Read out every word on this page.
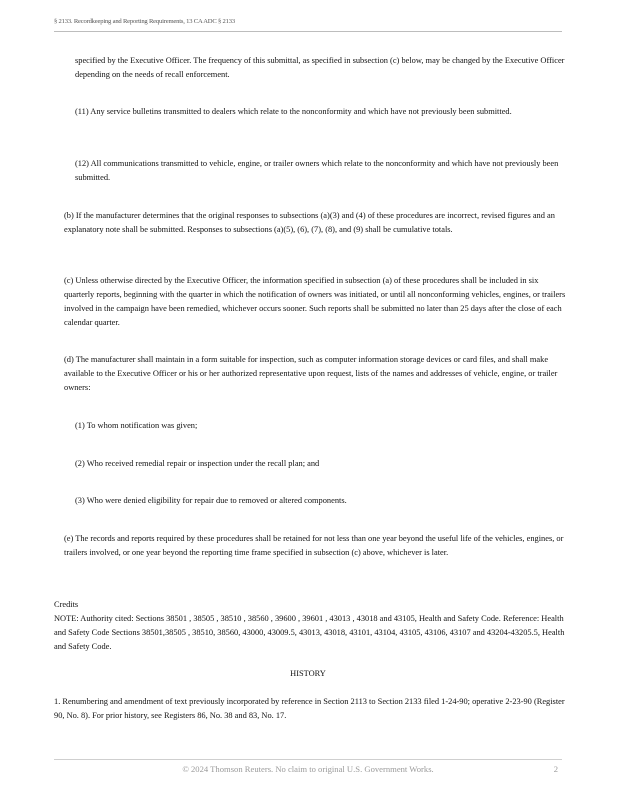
§ 2133. Recordkeeping and Reporting Requirements, 13 CA ADC § 2133

specified by the Executive Officer. The frequency of this submittal, as specified in subsection (c) below, may be changed by the Executive Officer depending on the needs of recall enforcement.

(11) Any service bulletins transmitted to dealers which relate to the nonconformity and which have not previously been submitted.

(12) All communications transmitted to vehicle, engine, or trailer owners which relate to the nonconformity and which have not previously been submitted.

(b) If the manufacturer determines that the original responses to subsections (a)(3) and (4) of these procedures are incorrect, revised figures and an explanatory note shall be submitted. Responses to subsections (a)(5), (6), (7), (8), and (9) shall be cumulative totals.

(c) Unless otherwise directed by the Executive Officer, the information specified in subsection (a) of these procedures shall be included in six quarterly reports, beginning with the quarter in which the notification of owners was initiated, or until all nonconforming vehicles, engines, or trailers involved in the campaign have been remedied, whichever occurs sooner. Such reports shall be submitted no later than 25 days after the close of each calendar quarter.

(d) The manufacturer shall maintain in a form suitable for inspection, such as computer information storage devices or card files, and shall make available to the Executive Officer or his or her authorized representative upon request, lists of the names and addresses of vehicle, engine, or trailer owners:

(1) To whom notification was given;

(2) Who received remedial repair or inspection under the recall plan; and

(3) Who were denied eligibility for repair due to removed or altered components.

(e) The records and reports required by these procedures shall be retained for not less than one year beyond the useful life of the vehicles, engines, or trailers involved, or one year beyond the reporting time frame specified in subsection (c) above, whichever is later.

Credits

NOTE: Authority cited: Sections 38501 , 38505 , 38510 , 38560 , 39600 , 39601 , 43013 , 43018 and 43105, Health and Safety Code. Reference: Health and Safety Code Sections 38501,38505 , 38510, 38560, 43000, 43009.5, 43013, 43018, 43101, 43104, 43105, 43106, 43107 and 43204-43205.5, Health and Safety Code.

HISTORY

1. Renumbering and amendment of text previously incorporated by reference in Section 2113 to Section 2133 filed 1-24-90; operative 2-23-90 (Register 90, No. 8). For prior history, see Registers 86, No. 38 and 83, No. 17.

© 2024 Thomson Reuters. No claim to original U.S. Government Works.	2
